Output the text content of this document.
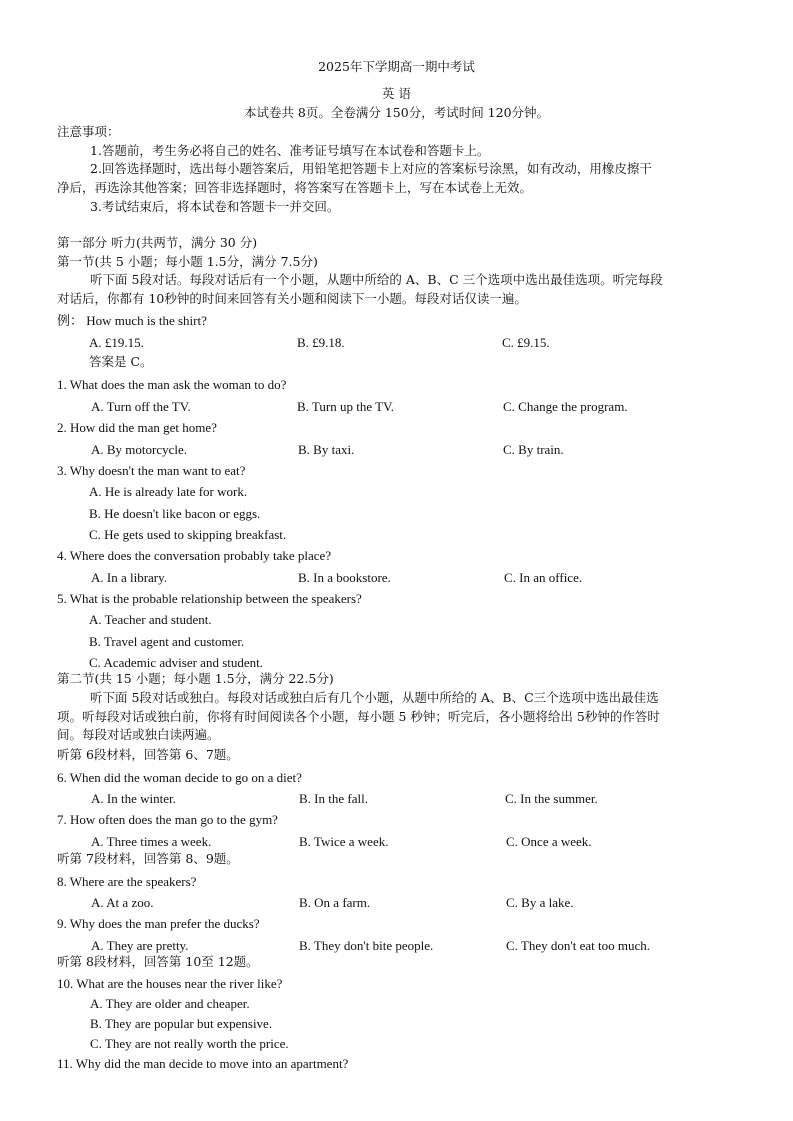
2025年下学期高一期中考试
英 语
本试卷共 8页。全卷满分 150分，考试时间 120分钟。
注意事项：
1.答题前，考生务必将自己的姓名、准考证号填写在本试卷和答题卡上。
2.回答选择题时，选出每小题答案后，用铅笔把答题卡上对应的答案标号涂黑，如有改动，用橡皮擦干
净后，再选涂其他答案；回答非选择题时，将答案写在答题卡上，写在本试卷上无效。
3.考试结束后，将本试卷和答题卡一并交回。
第一部分 听力(共两节，满分 30 分)
第一节(共 5 小题；每小题 1.5分，满分 7.5分)
听下面 5段对话。每段对话后有一个小题，从题中所给的 A、B、C 三个选项中选出最佳选项。听完每段
对话后，你都有 10秒钟的时间来回答有关小题和阅读下一小题。每段对话仅读一遍。
例： How much is the shirt?
A. £19.15.	B. £9.18.	C. £9.15.
答案是 C。
1. What does the man ask the woman to do?
A. Turn off the TV.	B. Turn up the TV.	C. Change the program.
2. How did the man get home?
A. By motorcycle.	B. By taxi.	C. By train.
3. Why doesn't the man want to eat?
A. He is already late for work.
B. He doesn't like bacon or eggs.
C. He gets used to skipping breakfast.
4. Where does the conversation probably take place?
A. In a library.	B. In a bookstore.	C. In an office.
5. What is the probable relationship between the speakers?
A. Teacher and student.
B. Travel agent and customer.
C. Academic adviser and student.
第二节(共 15 小题；每小题 1.5分，满分 22.5分)
听下面 5段对话或独白。每段对话或独白后有几个小题，从题中所给的 A、B、C三个选项中选出最佳选
项。听每段对话或独白前，你将有时间阅读各个小题，每小题 5 秒钟；听完后，各小题将给出 5秒钟的作答时
间。每段对话或独白读两遍。
听第 6段材料，回答第 6、7题。
6. When did the woman decide to go on a diet?
A. In the winter.	B. In the fall.	C. In the summer.
7. How often does the man go to the gym?
A. Three times a week.	B. Twice a week.	C. Once a week.
听第 7段材料，回答第 8、9题。
8. Where are the speakers?
A. At a zoo.	B. On a farm.	C. By a lake.
9. Why does the man prefer the ducks?
A. They are pretty.	B. They don't bite people.	C. They don't eat too much.
听第 8段材料，回答第 10至 12题。
10. What are the houses near the river like?
A. They are older and cheaper.
B. They are popular but expensive.
C. They are not really worth the price.
11. Why did the man decide to move into an apartment?
